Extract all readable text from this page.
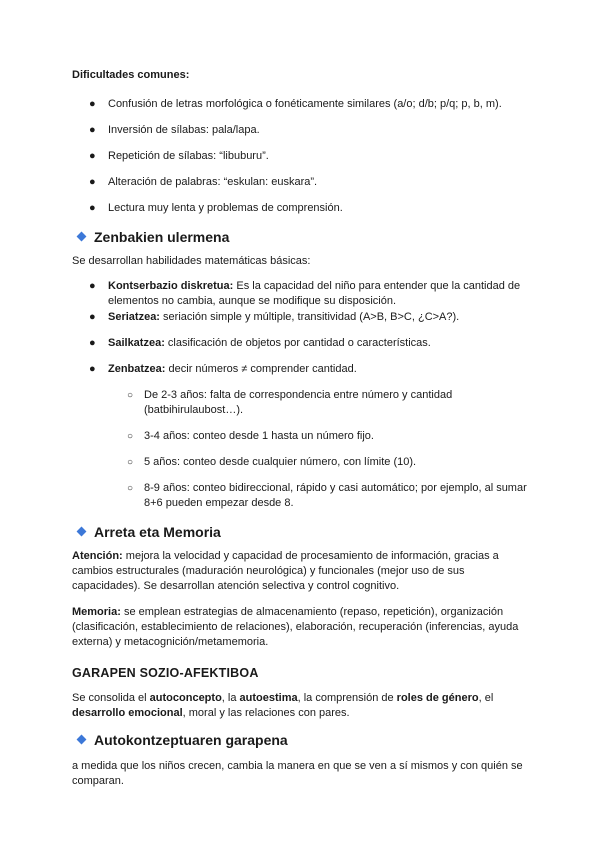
Dificultades comunes:

● Confusión de letras morfológica o fonéticamente similares (a/o; d/b; p/q; p, b, m).
● Inversión de sílabas: pala/lapa.
● Repetición de sílabas: “libuburu”.
● Alteración de palabras: “eskulan: euskara”.
● Lectura muy lenta y problemas de comprensión.
Zenbakien ulermena

Se desarrollan habilidades matemáticas básicas:

● Kontserbazio diskretua: Es la capacidad del niño para entender que la cantidad de elementos no cambia, aunque se modifique su disposición.
● Seriatzea: seriación simple y múltiple, transitividad (A>B, B>C, ¿C>A?).
● Sailkatzea: clasificación de objetos por cantidad o características.
● Zenbatzea: decir números ≠ comprender cantidad.
○ De 2-3 años: falta de correspondencia entre número y cantidad (batbihirulaubost…).
○ 3-4 años: conteo desde 1 hasta un número fijo.
○ 5 años: conteo desde cualquier número, con límite (10).
○ 8-9 años: conteo bidireccional, rápido y casi automático; por ejemplo, al sumar 8+6 pueden empezar desde 8.
Arreta eta Memoria

Atención: mejora la velocidad y capacidad de procesamiento de información, gracias a cambios estructurales (maduración neurológica) y funcionales (mejor uso de sus capacidades). Se desarrollan atención selectiva y control cognitivo.

Memoria: se emplean estrategias de almacenamiento (repaso, repetición), organización (clasificación, establecimiento de relaciones), elaboración, recuperación (inferencias, ayuda externa) y metacognición/metamemoria.

GARAPEN SOZIO-AFEKTIBOA

Se consolida el autoconcepto, la autoestima, la comprensión de roles de género, el desarrollo emocional, moral y las relaciones con pares.

Autokontzeptuaren garapena

a medida que los niños crecen, cambia la manera en que se ven a sí mismos y con quién se comparan.
